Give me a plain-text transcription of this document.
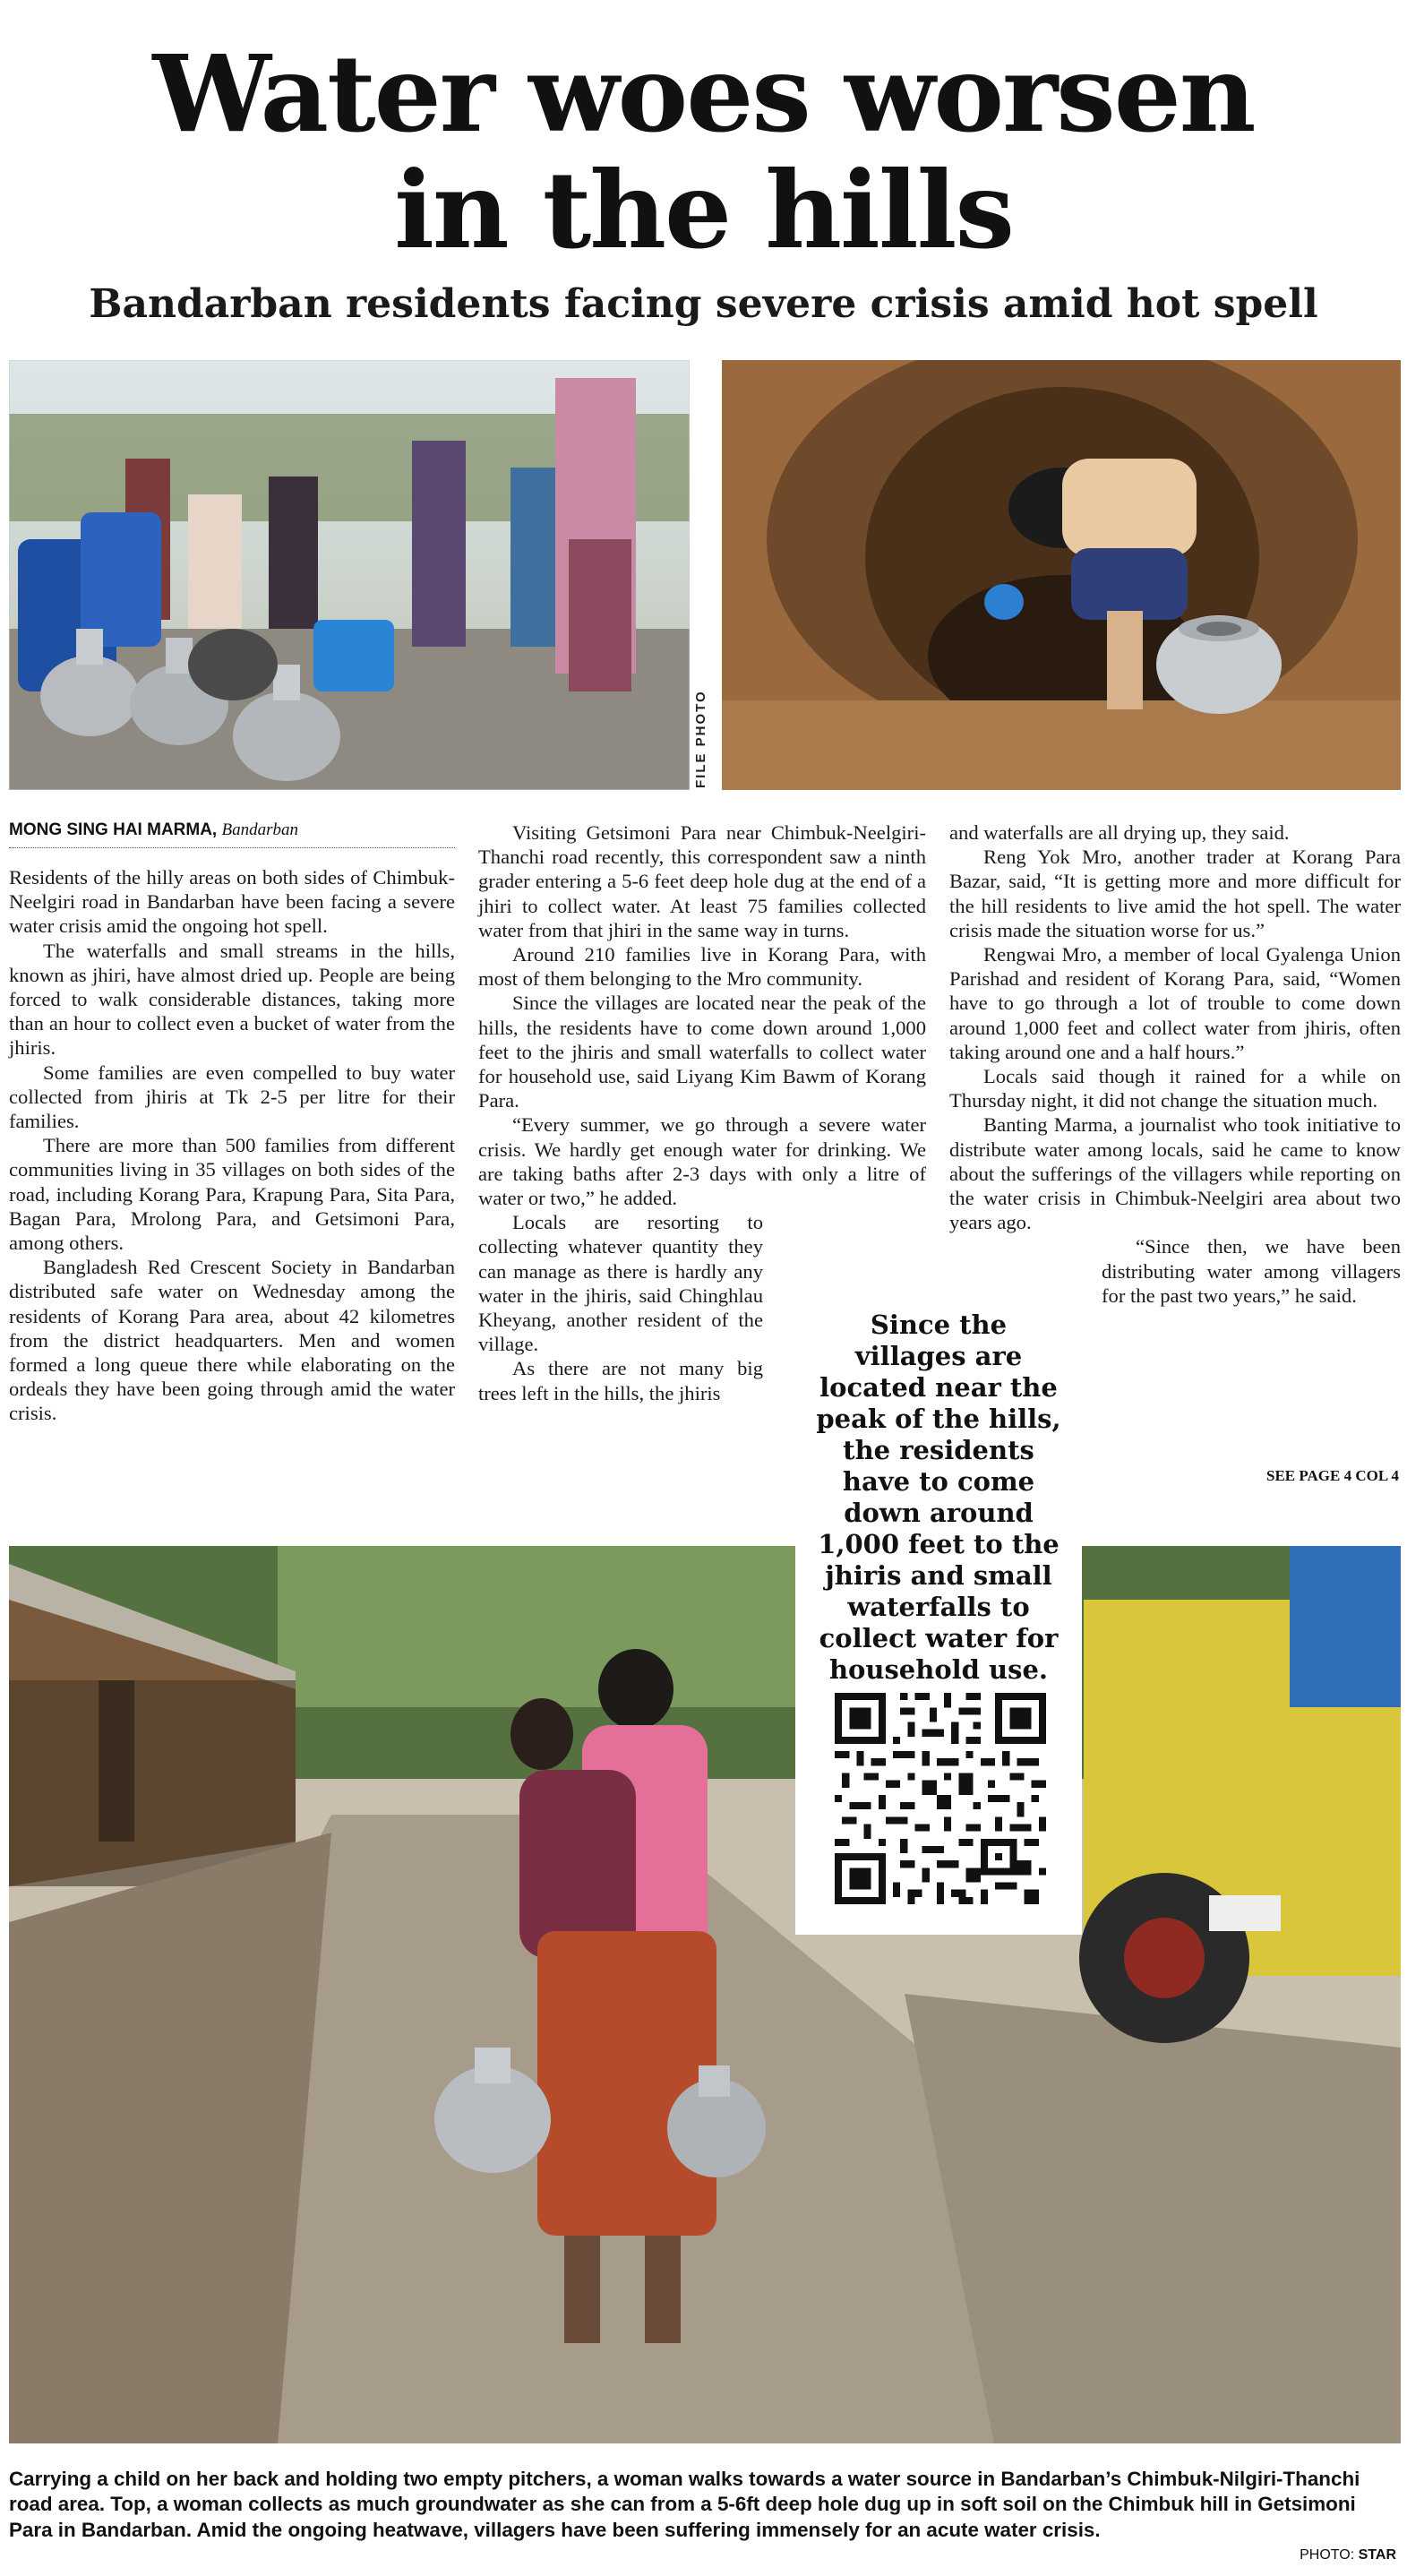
Water woes worsen
in the hills
Bandarban residents facing severe crisis amid hot spell
FILE PHOTO
MONG SING HAI MARMA, Bandarban

Residents of the hilly areas on both sides of Chimbuk-Neelgiri road in Bandarban have been facing a severe water crisis amid the ongoing hot spell.

The waterfalls and small streams in the hills, known as jhiri, have almost dried up. People are being forced to walk considerable distances, taking more than an hour to collect even a bucket of water from the jhiris.

Some families are even compelled to buy water collected from jhiris at Tk 2-5 per litre for their families.

There are more than 500 families from different communities living in 35 villages on both sides of the road, including Korang Para, Krapung Para, Sita Para, Bagan Para, Mrolong Para, and Getsimoni Para, among others.

Bangladesh Red Crescent Society in Bandarban distributed safe water on Wednesday among the residents of Korang Para area, about 42 kilometres from the district headquarters. Men and women formed a long queue there while elaborating on the ordeals they have been going through amid the water crisis.

Visiting Getsimoni Para near Chimbuk-Neelgiri-Thanchi road recently, this correspondent saw a ninth grader entering a 5-6 feet deep hole dug at the end of a jhiri to collect water. At least 75 families collected water from that jhiri in the same way in turns.

Around 210 families live in Korang Para, with most of them belonging to the Mro community.

Since the villages are located near the peak of the hills, the residents have to come down around 1,000 feet to the jhiris and small waterfalls to collect water for household use, said Liyang Kim Bawm of Korang Para.

“Every summer, we go through a severe water crisis. We hardly get enough water for drinking. We are taking baths after 2-3 days with only a litre of water or two,” he added.

Locals are resorting to collecting whatever quantity they can manage as there is hardly any water in the jhiris, said Chinghlau Kheyang, another resident of the village.

As there are not many big trees left in the hills, the jhiris

and waterfalls are all drying up, they said.

Reng Yok Mro, another trader at Korang Para Bazar, said, “It is getting more and more difficult for the hill residents to live amid the hot spell. The water crisis made the situation worse for us.”

Rengwai Mro, a member of local Gyalenga Union Parishad and resident of Korang Para, said, “Women have to go through a lot of trouble to come down around 1,000 feet and collect water from jhiris, often taking around one and a half hours.”

Locals said though it rained for a while on Thursday night, it did not change the situation much.

Banting Marma, a journalist who took initiative to distribute water among locals, said he came to know about the sufferings of the villagers while reporting on the water crisis in Chimbuk-Neelgiri area about two years ago.

“Since then, we have been distributing water among villagers for the past two years,” he said.

SEE PAGE 4 COL 4
Since the villages are located near the peak of the hills, the residents have to come down around 1,000 feet to the jhiris and small waterfalls to collect water for household use.
Carrying a child on her back and holding two empty pitchers, a woman walks towards a water source in Bandarban’s Chimbuk-Nilgiri-Thanchi road area. Top, a woman collects as much groundwater as she can from a 5-6ft deep hole dug up in soft soil on the Chimbuk hill in Getsimoni Para in Bandarban. Amid the ongoing heatwave, villagers have been suffering immensely for an acute water crisis.
PHOTO: STAR
